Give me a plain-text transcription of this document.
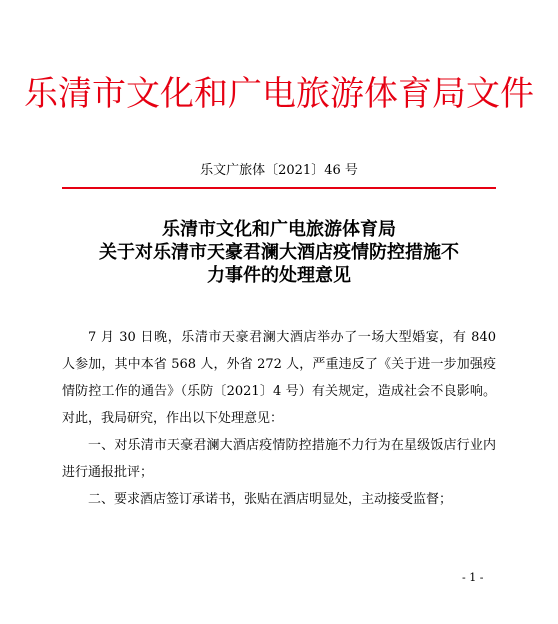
乐清市文化和广电旅游体育局文件
乐文广旅体〔2021〕46 号
乐清市文化和广电旅游体育局
关于对乐清市天豪君澜大酒店疫情防控措施不
力事件的处理意见

7 月 30 日晚，乐清市天豪君澜大酒店举办了一场大型婚宴，有 840 人参加，其中本省 568 人，外省 272 人，严重违反了《关于进一步加强疫情防控工作的通告》（乐防〔2021〕4 号）有关规定，造成社会不良影响。对此，我局研究，作出以下处理意见：

一、对乐清市天豪君澜大酒店疫情防控措施不力行为在星级饭店行业内进行通报批评；

二、要求酒店签订承诺书，张贴在酒店明显处，主动接受监督；

- 1 -
